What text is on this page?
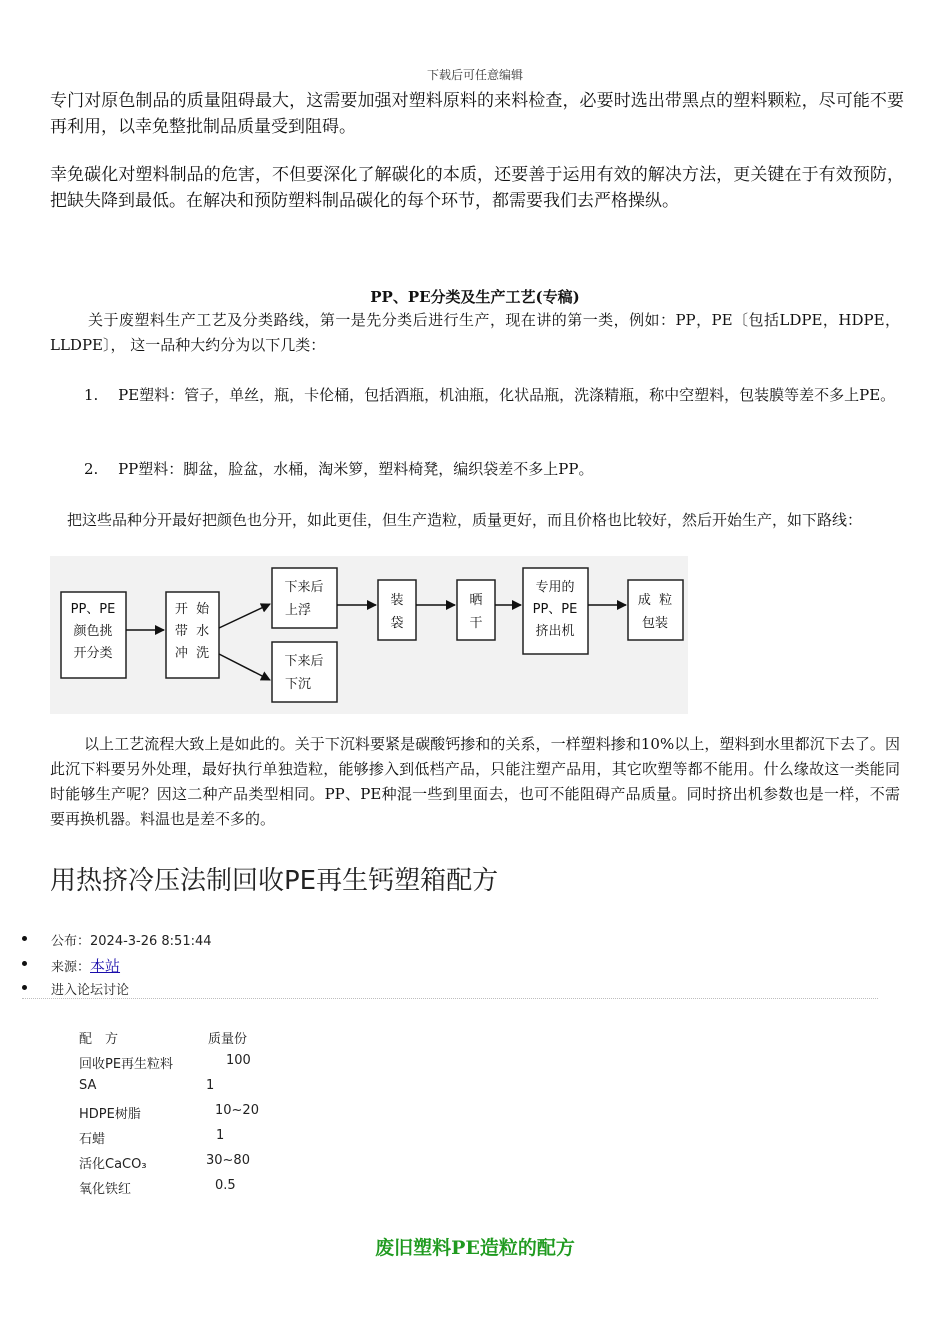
下载后可任意编辑
专门对原色制品的质量阻碍最大，这需要加强对塑料原料的来料检查，必要时选出带黑点的塑料颗粒，尽可能不要再利用，以幸免整批制品质量受到阻碍。
幸免碳化对塑料制品的危害，不但要深化了解碳化的本质，还要善于运用有效的解决方法，更关键在于有效预防，把缺失降到最低。在解决和预防塑料制品碳化的每个环节，都需要我们去严格操纵。
PP、PE分类及生产工艺(专稿)
关于废塑料生产工艺及分类路线，第一是先分类后进行生产，现在讲的第一类，例如：PP，PE〔包括LDPE，HDPE，LLDPE〕， 这一品种大约分为以下几类：
1.　 PE塑料：管子，单丝，瓶，卡伦桶，包括酒瓶，机油瓶，化状品瓶，洗涤精瓶，称中空塑料，包装膜等差不多上PE。
2.　 PP塑料：脚盆，脸盆，水桶，淘米箩，塑料椅凳，编织袋差不多上PP。
把这些品种分开最好把颜色也分开，如此更佳，但生产造粒，质量更好，而且价格也比较好，然后开始生产，如下路线：
PP、PE
颜色挑
开分类
开  始
带  水
冲  洗
下来后
上浮
下来后
下沉
装
袋
晒
干
专用的
PP、PE
挤出机
成  粒
包装
以上工艺流程大致上是如此的。关于下沉料要紧是碳酸钙掺和的关系，一样塑料掺和10%以上，塑料到水里都沉下去了。因此沉下料要另外处理，最好执行单独造粒，能够掺入到低档产品，只能注塑产品用，其它吹塑等都不能用。什么缘故这一类能同时能够生产呢？因这二种产品类型相同。PP、PE种混一些到里面去，也可不能阻碍产品质量。同时挤出机参数也是一样，不需要再换机器。料温也是差不多的。
用热挤冷压法制回收PE再生钙塑箱配方
公布：2024-3-26 8:51:44
来源：本站
进入论坛讨论
配　方	质量份
回收PE再生粒料	100
SA	1
HDPE树脂	10~20
石蜡	1
活化CaCO₃	30~80
氧化铁红	0.5
废旧塑料PE造粒的配方
